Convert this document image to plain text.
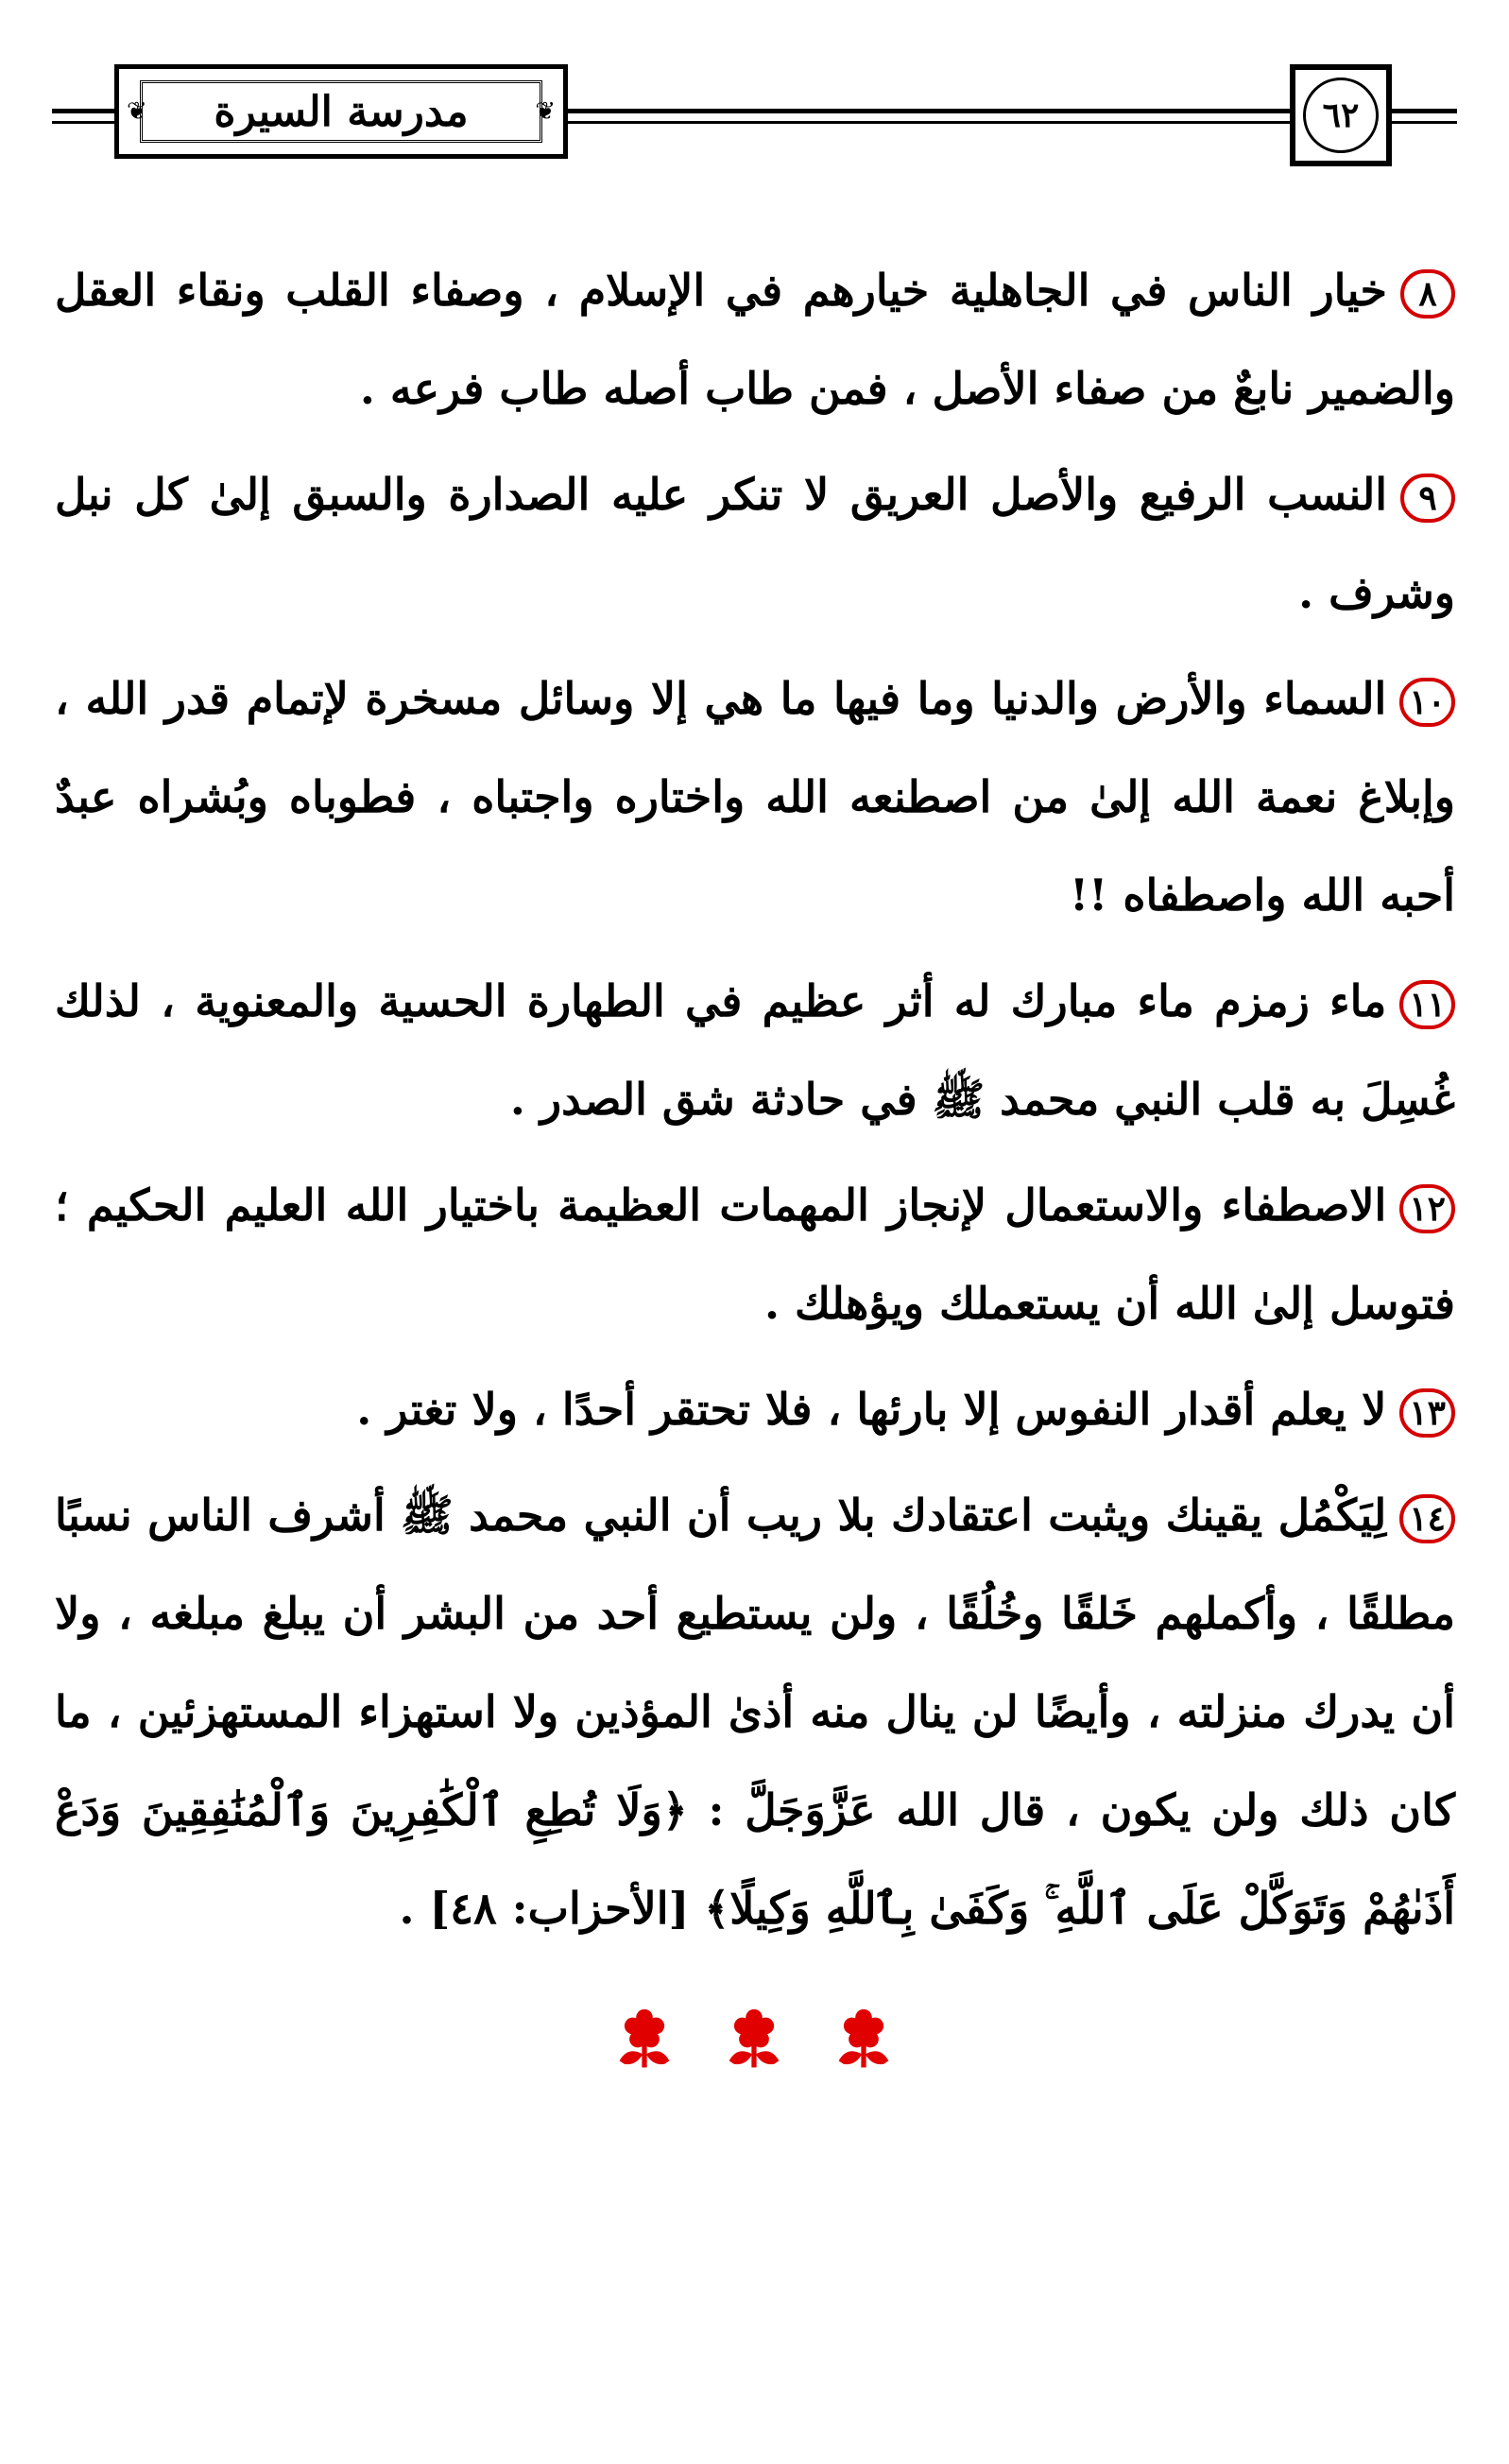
❦	مدرسة السيرة	❦	٦٢

٨خيار الناس في الجاهلية خيارهم في الإسلام ، وصفاء القلب ونقاء العقل والضمير نابعٌ من صفاء الأصل ، فمن طاب أصله طاب فرعه .

٩النسب الرفيع والأصل العريق لا تنكر عليه الصدارة والسبق إلىٰ كل نبل وشرف .

١٠السماء والأرض والدنيا وما فيها ما هي إلا وسائل مسخرة لإتمام قدر الله ، وإبلاغ نعمة الله إلىٰ من اصطنعه الله واختاره واجتباه ، فطوباه وبُشراه عبدٌ أحبه الله واصطفاه !!

١١ماء زمزم ماء مبارك له أثر عظيم في الطهارة الحسية والمعنوية ، لذلك غُسِلَ به قلب النبي محمد ﷺ في حادثة شق الصدر .

١٢الاصطفاء والاستعمال لإنجاز المهمات العظيمة باختيار الله العليم الحكيم ؛ فتوسل إلىٰ الله أن يستعملك ويؤهلك .

١٣لا يعلم أقدار النفوس إلا بارئها ، فلا تحتقر أحدًا ، ولا تغتر .

١٤لِيَكْمُل يقينك ويثبت اعتقادك بلا ريب أن النبي محمد ﷺ أشرف الناس نسبًا مطلقًا ، وأكملهم خَلقًا وخُلُقًا ، ولن يستطيع أحد من البشر أن يبلغ مبلغه ، ولا أن يدرك منزلته ، وأيضًا لن ينال منه أذىٰ المؤذين ولا استهزاء المستهزئين ، ما كان ذلك ولن يكون ، قال الله عَزَّوَجَلَّ : ﴿وَلَا تُطِعِ ٱلْكَٰفِرِينَ وَٱلْمُنَٰفِقِينَ وَدَعْ أَذَىٰهُمْ وَتَوَكَّلْ عَلَى ٱللَّهِ ۚ وَكَفَىٰ بِٱللَّهِ وَكِيلًا﴾ [الأحزاب: ٤٨] .
